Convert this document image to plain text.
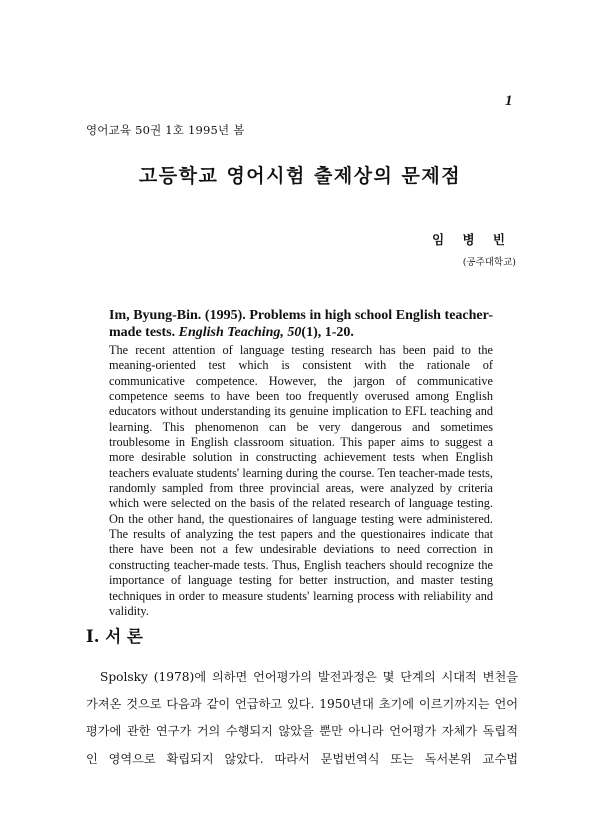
1
영어교육 50권 1호 1995년 봄
고등학교 영어시험 출제상의 문제점
임 병 빈
(공주대학교)
Im, Byung-Bin. (1995). Problems in high school English teacher-made tests. English Teaching, 50(1), 1-20.
The recent attention of language testing research has been paid to the meaning-oriented test which is consistent with the rationale of communicative competence. However, the jargon of communicative competence seems to have been too frequently overused among English educators without understanding its genuine implication to EFL teaching and learning. This phenomenon can be very dangerous and sometimes troublesome in English classroom situation. This paper aims to suggest a more desirable solution in constructing achievement tests when English teachers evaluate students' learning during the course. Ten teacher-made tests, randomly sampled from three provincial areas, were analyzed by criteria which were selected on the basis of the related research of language testing. On the other hand, the questionaires of language testing were administered. The results of analyzing the test papers and the questionaires indicate that there have been not a few undesirable deviations to need correction in constructing teacher-made tests. Thus, English teachers should recognize the importance of language testing for better instruction, and master testing techniques in order to measure students' learning process with reliability and validity.
I. 서 론
Spolsky (1978)에 의하면 언어평가의 발전과정은 몇 단계의 시대적 변천을 가져온 것으로 다음과 같이 언급하고 있다. 1950년대 초기에 이르기까지는 언어평가에 관한 연구가 거의 수행되지 않았을 뿐만 아니라 언어평가 자체가 독립적인 영역으로 확립되지 않았다. 따라서 문법번역식 또는 독서본위 교수법
